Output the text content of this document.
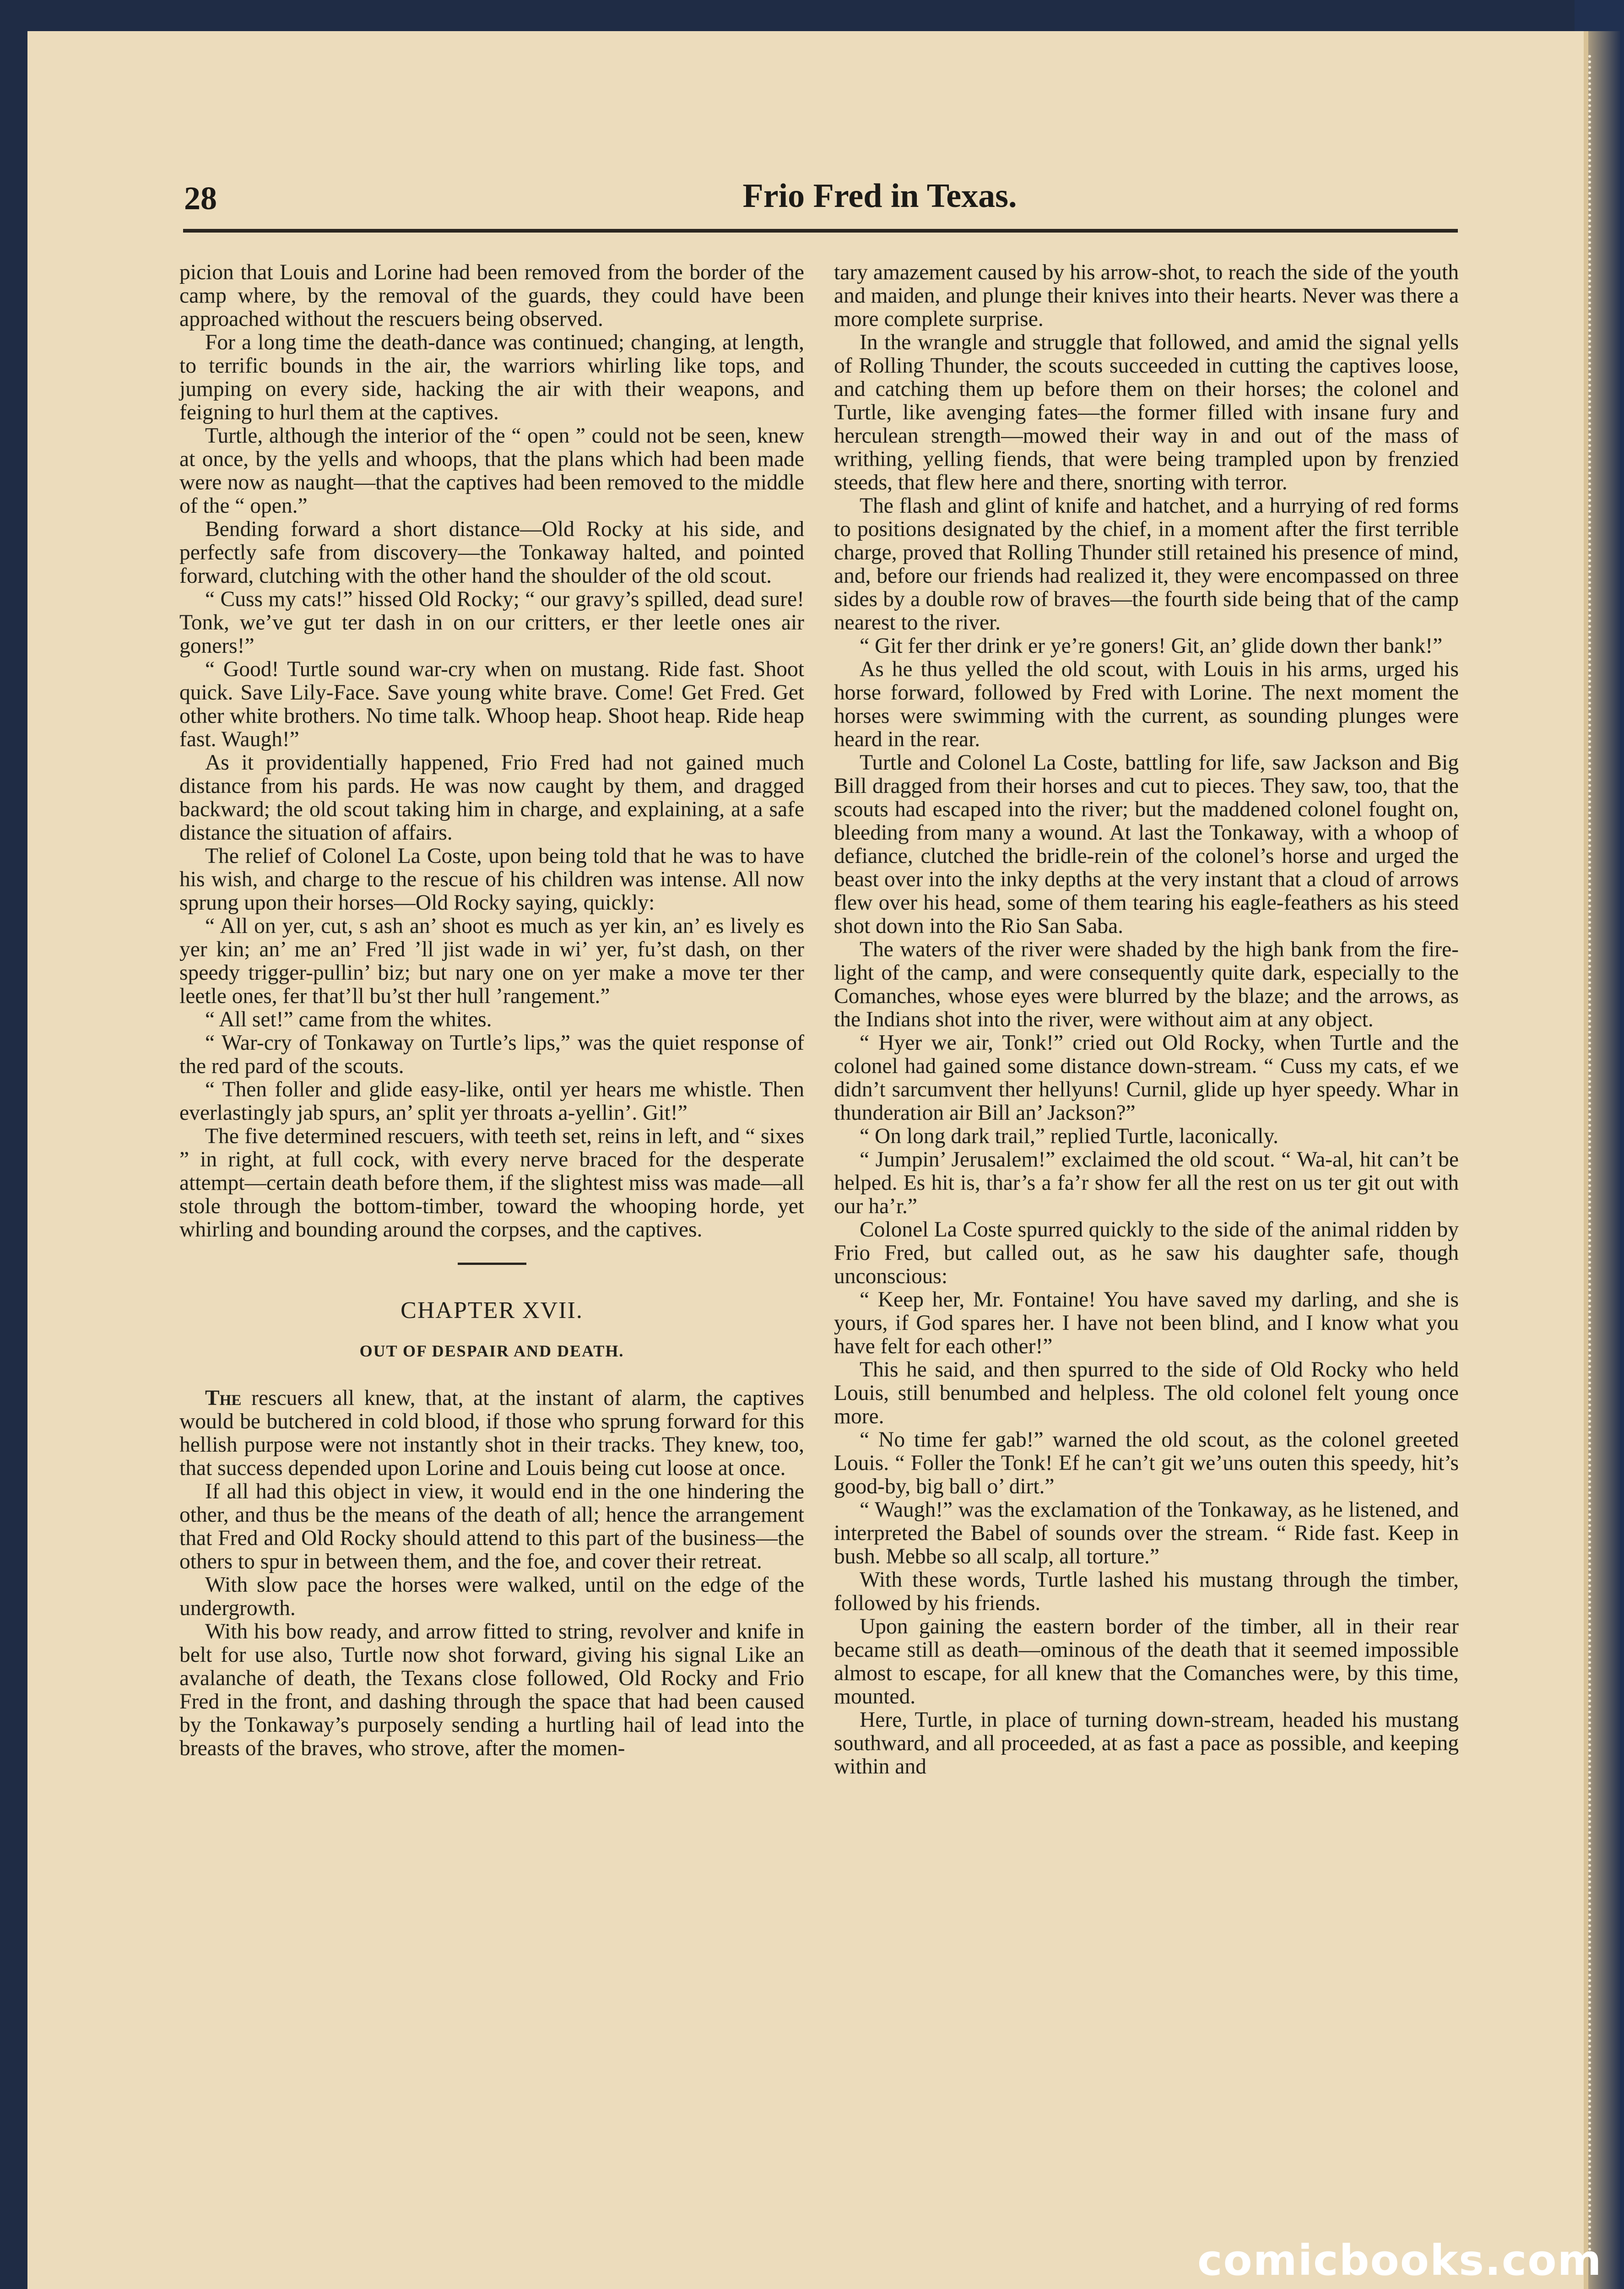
28	Frio Fred in Texas.

picion that Louis and Lorine had been removed from the border of the camp where, by the removal of the guards, they could have been approached without the rescuers being observed.

For a long time the death-dance was continued; changing, at length, to terrific bounds in the air, the warriors whirling like tops, and jumping on every side, hacking the air with their weapons, and feigning to hurl them at the captives.

Turtle, although the interior of the “ open ” could not be seen, knew at once, by the yells and whoops, that the plans which had been made were now as naught—that the captives had been removed to the middle of the “ open.”

Bending forward a short distance—Old Rocky at his side, and perfectly safe from discovery—the Tonkaway halted, and pointed forward, clutching with the other hand the shoulder of the old scout.

“ Cuss my cats!” hissed Old Rocky; “ our gravy’s spilled, dead sure! Tonk, we’ve gut ter dash in on our critters, er ther leetle ones air goners!”

“ Good! Turtle sound war-cry when on mustang. Ride fast. Shoot quick. Save Lily-Face. Save young white brave. Come! Get Fred. Get other white brothers. No time talk. Whoop heap. Shoot heap. Ride heap fast. Waugh!”

As it providentially happened, Frio Fred had not gained much distance from his pards. He was now caught by them, and dragged backward; the old scout taking him in charge, and explaining, at a safe distance the situation of affairs.

The relief of Colonel La Coste, upon being told that he was to have his wish, and charge to the rescue of his children was intense. All now sprung upon their horses—Old Rocky saying, quickly:

“ All on yer, cut, s ash an’ shoot es much as yer kin, an’ es lively es yer kin; an’ me an’ Fred ’ll jist wade in wi’ yer, fu’st dash, on ther speedy trigger-pullin’ biz; but nary one on yer make a move ter ther leetle ones, fer that’ll bu’st ther hull ’rangement.”

“ All set!” came from the whites.

“ War-cry of Tonkaway on Turtle’s lips,” was the quiet response of the red pard of the scouts.

“ Then foller and glide easy-like, ontil yer hears me whistle. Then everlastingly jab spurs, an’ split yer throats a-yellin’. Git!”

The five determined rescuers, with teeth set, reins in left, and “ sixes ” in right, at full cock, with every nerve braced for the desperate attempt—certain death before them, if the slightest miss was made—all stole through the bottom-timber, toward the whooping horde, yet whirling and bounding around the corpses, and the captives.

CHAPTER XVII.
OUT OF DESPAIR AND DEATH.

The rescuers all knew, that, at the instant of alarm, the captives would be butchered in cold blood, if those who sprung forward for this hellish purpose were not instantly shot in their tracks. They knew, too, that success depended upon Lorine and Louis being cut loose at once.

If all had this object in view, it would end in the one hindering the other, and thus be the means of the death of all; hence the arrangement that Fred and Old Rocky should attend to this part of the business—the others to spur in between them, and the foe, and cover their retreat.

With slow pace the horses were walked, until on the edge of the undergrowth.

With his bow ready, and arrow fitted to string, revolver and knife in belt for use also, Turtle now shot forward, giving his signal Like an avalanche of death, the Texans close followed, Old Rocky and Frio Fred in the front, and dashing through the space that had been caused by the Tonkaway’s purposely sending a hurtling hail of lead into the breasts of the braves, who strove, after the momen-

tary amazement caused by his arrow-shot, to reach the side of the youth and maiden, and plunge their knives into their hearts. Never was there a more complete surprise.

In the wrangle and struggle that followed, and amid the signal yells of Rolling Thunder, the scouts succeeded in cutting the captives loose, and catching them up before them on their horses; the colonel and Turtle, like avenging fates—the former filled with insane fury and herculean strength—mowed their way in and out of the mass of writhing, yelling fiends, that were being trampled upon by frenzied steeds, that flew here and there, snorting with terror.

The flash and glint of knife and hatchet, and a hurrying of red forms to positions designated by the chief, in a moment after the first terrible charge, proved that Rolling Thunder still retained his presence of mind, and, before our friends had realized it, they were encompassed on three sides by a double row of braves—the fourth side being that of the camp nearest to the river.

“ Git fer ther drink er ye’re goners! Git, an’ glide down ther bank!”

As he thus yelled the old scout, with Louis in his arms, urged his horse forward, followed by Fred with Lorine. The next moment the horses were swimming with the current, as sounding plunges were heard in the rear.

Turtle and Colonel La Coste, battling for life, saw Jackson and Big Bill dragged from their horses and cut to pieces. They saw, too, that the scouts had escaped into the river; but the maddened colonel fought on, bleeding from many a wound. At last the Tonkaway, with a whoop of defiance, clutched the bridle-rein of the colonel’s horse and urged the beast over into the inky depths at the very instant that a cloud of arrows flew over his head, some of them tearing his eagle-feathers as his steed shot down into the Rio San Saba.

The waters of the river were shaded by the high bank from the fire-light of the camp, and were consequently quite dark, especially to the Comanches, whose eyes were blurred by the blaze; and the arrows, as the Indians shot into the river, were without aim at any object.

“ Hyer we air, Tonk!” cried out Old Rocky, when Turtle and the colonel had gained some distance down-stream. “ Cuss my cats, ef we didn’t sarcumvent ther hellyuns! Curnil, glide up hyer speedy. Whar in thunderation air Bill an’ Jackson?”

“ On long dark trail,” replied Turtle, laconically.

“ Jumpin’ Jerusalem!” exclaimed the old scout. “ Wa-al, hit can’t be helped. Es hit is, thar’s a fa’r show fer all the rest on us ter git out with our ha’r.”

Colonel La Coste spurred quickly to the side of the animal ridden by Frio Fred, but called out, as he saw his daughter safe, though unconscious:

“ Keep her, Mr. Fontaine! You have saved my darling, and she is yours, if God spares her. I have not been blind, and I know what you have felt for each other!”

This he said, and then spurred to the side of Old Rocky who held Louis, still benumbed and helpless. The old colonel felt young once more.

“ No time fer gab!” warned the old scout, as the colonel greeted Louis. “ Foller the Tonk! Ef he can’t git we’uns outen this speedy, hit’s good-by, big ball o’ dirt.”

“ Waugh!” was the exclamation of the Tonkaway, as he listened, and interpreted the Babel of sounds over the stream. “ Ride fast. Keep in bush. Mebbe so all scalp, all torture.”

With these words, Turtle lashed his mustang through the timber, followed by his friends.

Upon gaining the eastern border of the timber, all in their rear became still as death—ominous of the death that it seemed impossible almost to escape, for all knew that the Comanches were, by this time, mounted.

Here, Turtle, in place of turning down-stream, headed his mustang southward, and all proceeded, at as fast a pace as possible, and keeping within and

comicbooks.com
